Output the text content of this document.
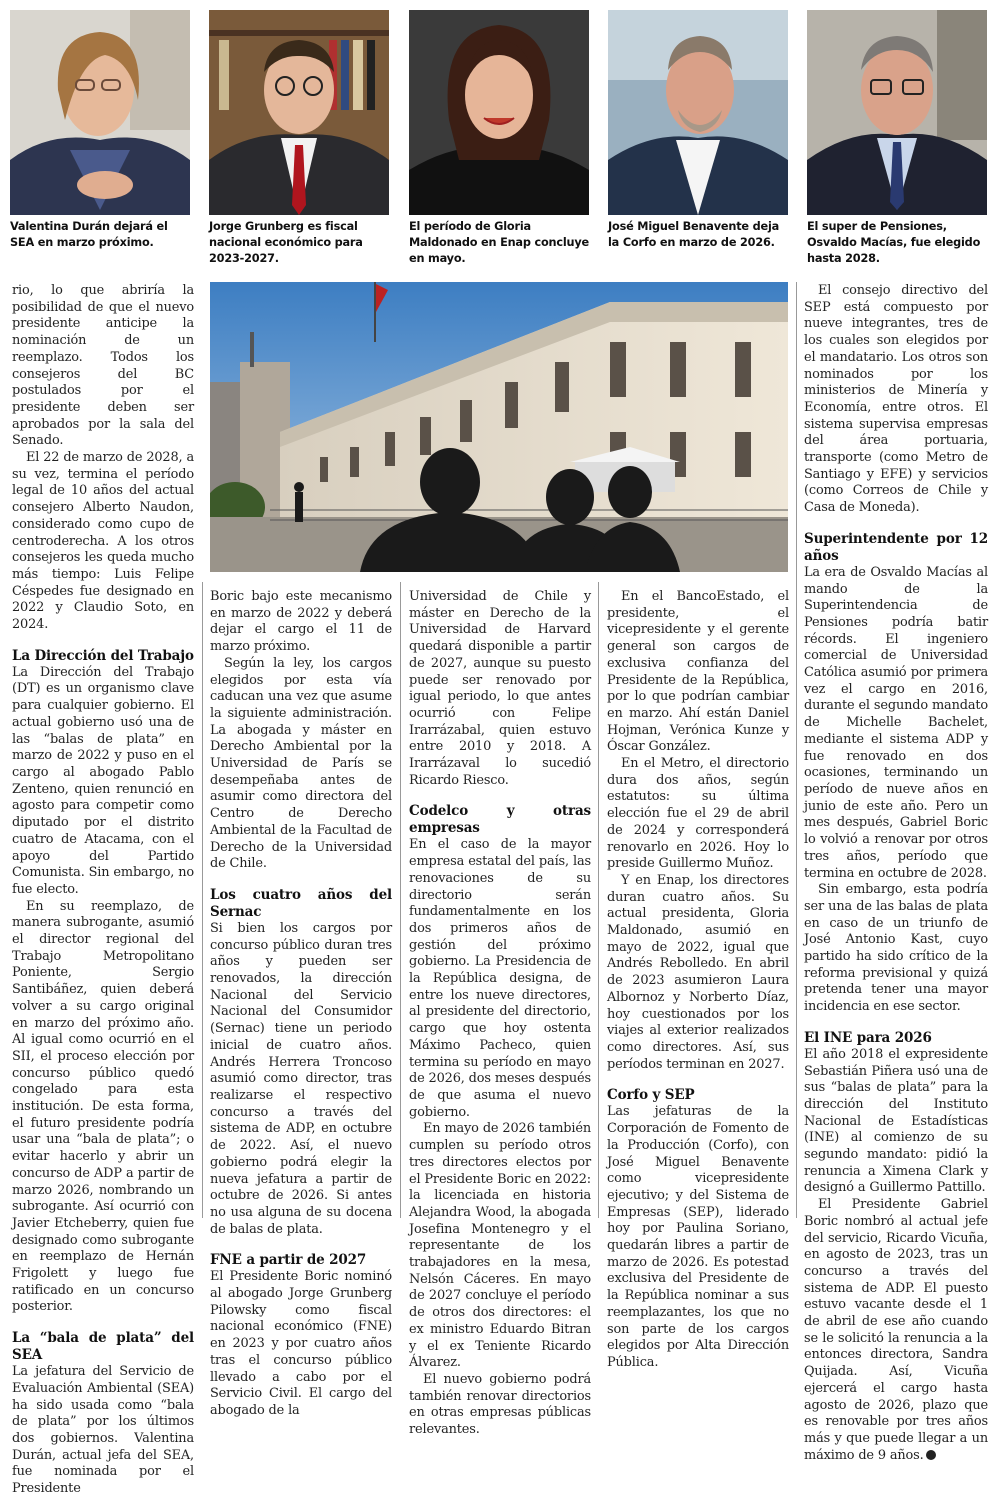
Valentina Durán dejará el SEA en marzo próximo.
Jorge Grunberg es fiscal nacional económico para 2023-2027.
El período de Gloria Maldonado en Enap concluye en mayo.
José Miguel Benavente deja la Corfo en marzo de 2026.
El super de Pensiones, Osvaldo Macías, fue elegido hasta 2028.

rio, lo que abriría la posibilidad de que el nuevo presidente anticipe la nominación de un reemplazo. Todos los consejeros del BC postulados por el presidente deben ser aprobados por la sala del Senado.

El 22 de marzo de 2028, a su vez, termina el período legal de 10 años del actual consejero Alberto Naudon, considerado como cupo de centroderecha. A los otros consejeros les queda mucho más tiempo: Luis Felipe Céspedes fue designado en 2022 y Claudio Soto, en 2024.

La Dirección del Trabajo

La Dirección del Trabajo (DT) es un organismo clave para cualquier gobierno. El actual gobierno usó una de las “balas de plata” en marzo de 2022 y puso en el cargo al abogado Pablo Zenteno, quien renunció en agosto para competir como diputado por el distrito cuatro de Atacama, con el apoyo del Partido Comunista. Sin embargo, no fue electo.

En su reemplazo, de manera subrogante, asumió el director regional del Trabajo Metropolitano Poniente, Sergio Santibáñez, quien deberá volver a su cargo original en marzo del próximo año. Al igual como ocurrió en el SII, el proceso elección por concurso público quedó congelado para esta institución. De esta forma, el futuro presidente podría usar una “bala de plata”; o evitar hacerlo y abrir un concurso de ADP a partir de marzo 2026, nombrando un subrogante. Así ocurrió con Javier Etcheberry, quien fue designado como subrogante en reemplazo de Hernán Frigolett y luego fue ratificado en un concurso posterior.

La “bala de plata” del SEA

La jefatura del Servicio de Evaluación Ambiental (SEA) ha sido usada como “bala de plata” por los últimos dos gobiernos. Valentina Durán, actual jefa del SEA, fue nominada por el Presidente

Boric bajo este mecanismo en marzo de 2022 y deberá dejar el cargo el 11 de marzo próximo.

Según la ley, los cargos elegidos por esta vía caducan una vez que asume la siguiente administración. La abogada y máster en Derecho Ambiental por la Universidad de París se desempeñaba antes de asumir como directora del Centro de Derecho Ambiental de la Facultad de Derecho de la Universidad de Chile.

Los cuatro años del Sernac

Si bien los cargos por concurso público duran tres años y pueden ser renovados, la dirección Nacional del Servicio Nacional del Consumidor (Sernac) tiene un periodo inicial de cuatro años. Andrés Herrera Troncoso asumió como director, tras realizarse el respectivo concurso a través del sistema de ADP, en octubre de 2022. Así, el nuevo gobierno podrá elegir la nueva jefatura a partir de octubre de 2026. Si antes no usa alguna de su docena de balas de plata.

FNE a partir de 2027

El Presidente Boric nominó al abogado Jorge Grunberg Pilowsky como fiscal nacional económico (FNE) en 2023 y por cuatro años tras el concurso público llevado a cabo por el Servicio Civil. El cargo del abogado de la

Universidad de Chile y máster en Derecho de la Universidad de Harvard quedará disponible a partir de 2027, aunque su puesto puede ser renovado por igual periodo, lo que antes ocurrió con Felipe Irarrázabal, quien estuvo entre 2010 y 2018. A Irarrázaval lo sucedió Ricardo Riesco.

Codelco y otras empresas

En el caso de la mayor empresa estatal del país, las renovaciones de su directorio serán fundamentalmente en los dos primeros años de gestión del próximo gobierno. La Presidencia de la República designa, de entre los nueve directores, al presidente del directorio, cargo que hoy ostenta Máximo Pacheco, quien termina su período en mayo de 2026, dos meses después de que asuma el nuevo gobierno.

En mayo de 2026 también cumplen su período otros tres directores electos por el Presidente Boric en 2022: la licenciada en historia Alejandra Wood, la abogada Josefina Montenegro y el representante de los trabajadores en la mesa, Nelsón Cáceres. En mayo de 2027 concluye el período de otros dos directores: el ex ministro Eduardo Bitran y el ex Teniente Ricardo Álvarez.

El nuevo gobierno podrá también renovar directorios en otras empresas públicas relevantes.

En el BancoEstado, el presidente, el vicepresidente y el gerente general son cargos de exclusiva confianza del Presidente de la República, por lo que podrían cambiar en marzo. Ahí están Daniel Hojman, Verónica Kunze y Óscar González.

En el Metro, el directorio dura dos años, según estatutos: su última elección fue el 29 de abril de 2024 y corresponderá renovarlo en 2026. Hoy lo preside Guillermo Muñoz.

Y en Enap, los directores duran cuatro años. Su actual presidenta, Gloria Maldonado, asumió en mayo de 2022, igual que Andrés Rebolledo. En abril de 2023 asumieron Laura Albornoz y Norberto Díaz, hoy cuestionados por los viajes al exterior realizados como directores. Así, sus períodos terminan en 2027.

Corfo y SEP

Las jefaturas de la Corporación de Fomento de la Producción (Corfo), con José Miguel Benavente como vicepresidente ejecutivo; y del Sistema de Empresas (SEP), liderado hoy por Paulina Soriano, quedarán libres a partir de marzo de 2026. Es potestad exclusiva del Presidente de la República nominar a sus reemplazantes, los que no son parte de los cargos elegidos por Alta Dirección Pública.

El consejo directivo del SEP está compuesto por nueve integrantes, tres de los cuales son elegidos por el mandatario. Los otros son nominados por los ministerios de Minería y Economía, entre otros. El sistema supervisa empresas del área portuaria, transporte (como Metro de Santiago y EFE) y servicios (como Correos de Chile y Casa de Moneda).

Superintendente por 12 años

La era de Osvaldo Macías al mando de la Superintendencia de Pensiones podría batir récords. El ingeniero comercial de Universidad Católica asumió por primera vez el cargo en 2016, durante el segundo mandato de Michelle Bachelet, mediante el sistema ADP y fue renovado en dos ocasiones, terminando un período de nueve años en junio de este año. Pero un mes después, Gabriel Boric lo volvió a renovar por otros tres años, período que termina en octubre de 2028.

Sin embargo, esta podría ser una de las balas de plata en caso de un triunfo de José Antonio Kast, cuyo partido ha sido crítico de la reforma previsional y quizá pretenda tener una mayor incidencia en ese sector.

El INE para 2026

El año 2018 el expresidente Sebastián Piñera usó una de sus “balas de plata” para la dirección del Instituto Nacional de Estadísticas (INE) al comienzo de su segundo mandato: pidió la renuncia a Ximena Clark y designó a Guillermo Pattillo.

El Presidente Gabriel Boric nombró al actual jefe del servicio, Ricardo Vicuña, en agosto de 2023, tras un concurso a través del sistema de ADP. El puesto estuvo vacante desde el 1 de abril de ese año cuando se le solicitó la renuncia a la entonces directora, Sandra Quijada. Así, Vicuña ejercerá el cargo hasta agosto de 2026, plazo que es renovable por tres años más y que puede llegar a un máximo de 9 años.
